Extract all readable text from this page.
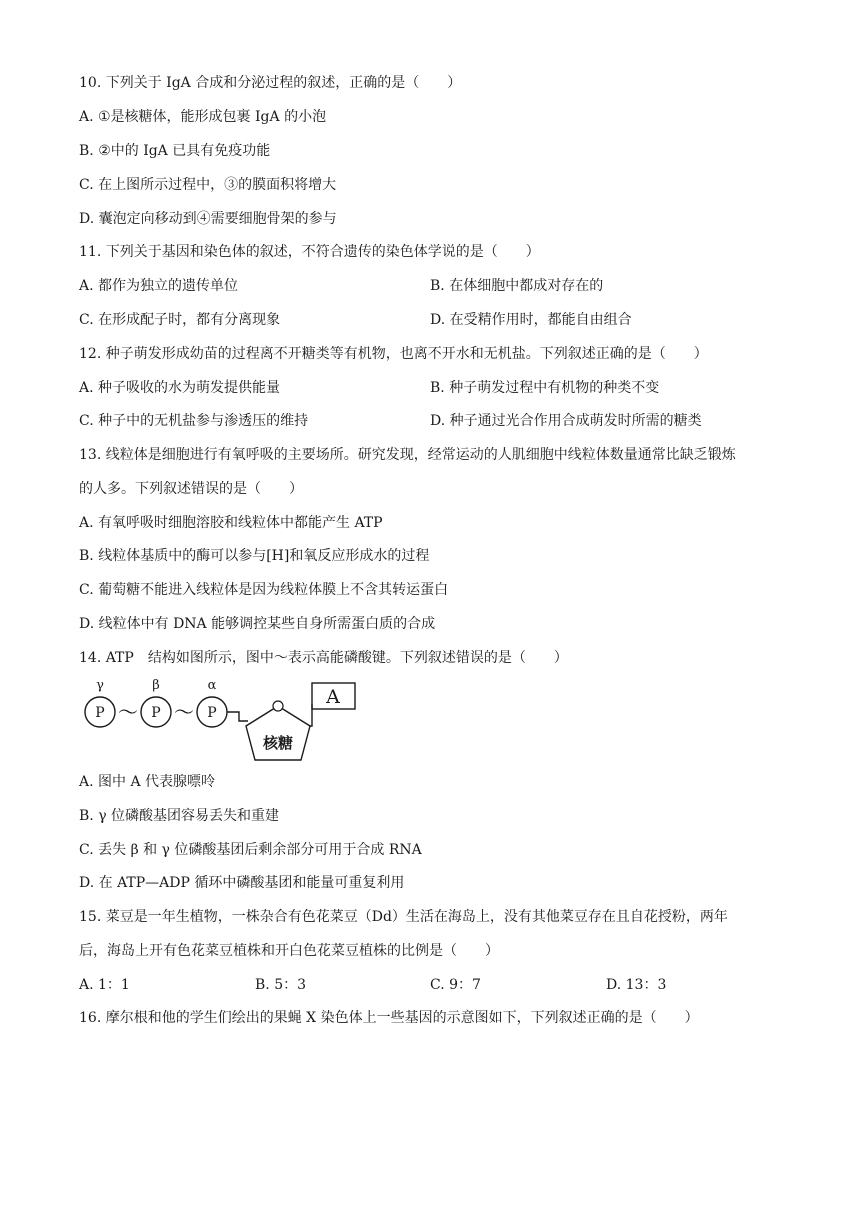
10. 下列关于 IgA 合成和分泌过程的叙述，正确的是（　　）
A. ①是核糖体，能形成包裹 IgA 的小泡
B. ②中的 IgA 已具有免疫功能
C. 在上图所示过程中，③的膜面积将增大
D. 囊泡定向移动到④需要细胞骨架的参与
11. 下列关于基因和染色体的叙述，不符合遗传的染色体学说的是（　　）
A. 都作为独立的遗传单位	B. 在体细胞中都成对存在的
C. 在形成配子时，都有分离现象	D. 在受精作用时，都能自由组合
12. 种子萌发形成幼苗的过程离不开糖类等有机物，也离不开水和无机盐。下列叙述正确的是（　　）
A. 种子吸收的水为萌发提供能量	B. 种子萌发过程中有机物的种类不变
C. 种子中的无机盐参与渗透压的维持	D. 种子通过光合作用合成萌发时所需的糖类
13. 线粒体是细胞进行有氧呼吸的主要场所。研究发现，经常运动的人肌细胞中线粒体数量通常比缺乏锻炼
的人多。下列叙述错误的是（　　）
A. 有氧呼吸时细胞溶胶和线粒体中都能产生 ATP
B. 线粒体基质中的酶可以参与[H]和氧反应形成水的过程
C. 葡萄糖不能进入线粒体是因为线粒体膜上不含其转运蛋白
D. 线粒体中有 DNA 能够调控某些自身所需蛋白质的合成
14. ATP　结构如图所示，图中～表示高能磷酸键。下列叙述错误的是（　　）
γ	β	α
P ～ P ～ P
核糖
A
A. 图中 A 代表腺嘌呤
B. γ 位磷酸基团容易丢失和重建
C. 丢失 β 和 γ 位磷酸基团后剩余部分可用于合成 RNA
D. 在 ATP—ADP 循环中磷酸基团和能量可重复利用
15. 菜豆是一年生植物，一株杂合有色花菜豆（Dd）生活在海岛上，没有其他菜豆存在且自花授粉，两年
后，海岛上开有色花菜豆植株和开白色花菜豆植株的比例是（　　）
A. 1：1	B. 5：3	C. 9：7	D. 13：3
16. 摩尔根和他的学生们绘出的果蝇 X 染色体上一些基因的示意图如下，下列叙述正确的是（　　）
